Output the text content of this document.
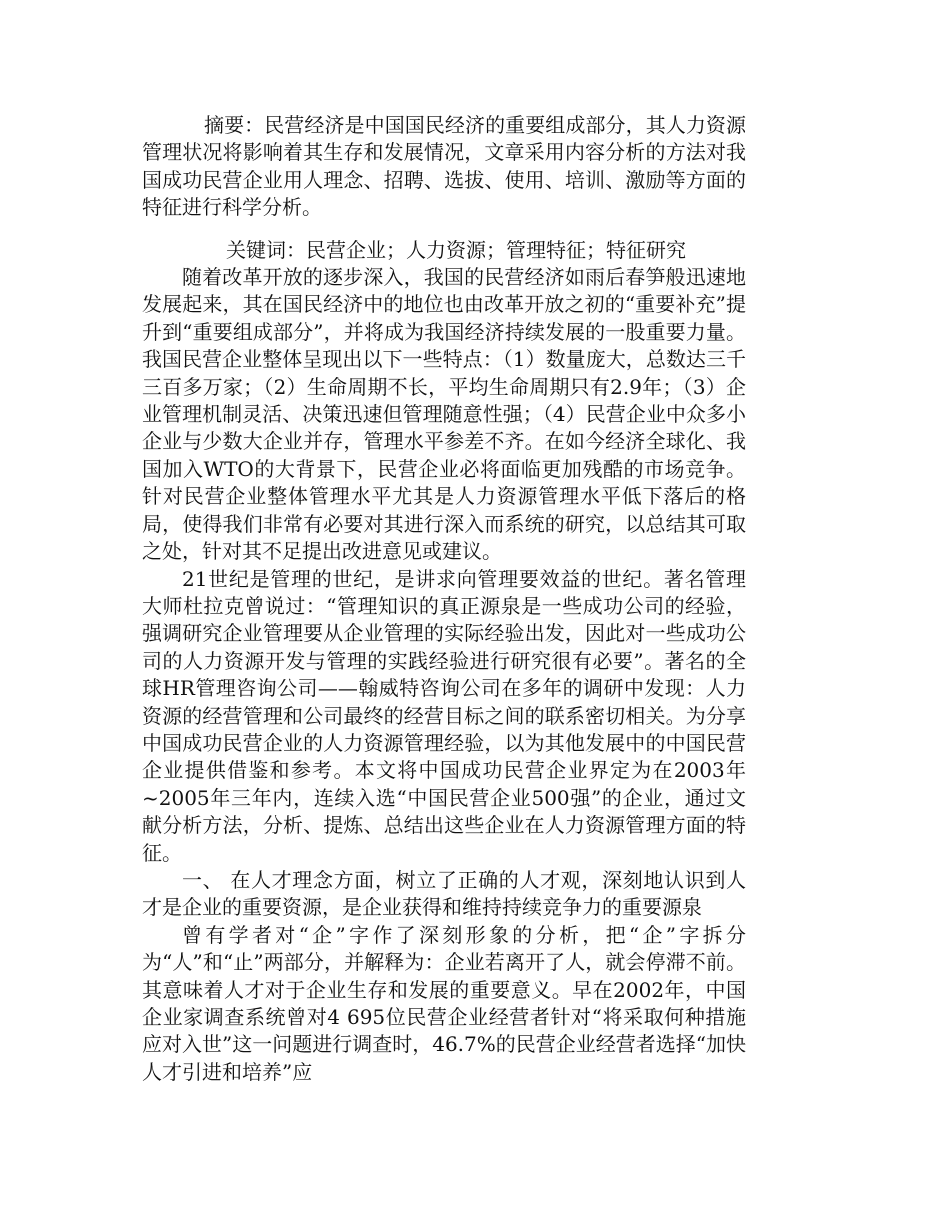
摘要：民营经济是中国国民经济的重要组成部分，其人力资源管理状况将影响着其生存和发展情况，文章采用内容分析的方法对我国成功民营企业用人理念、招聘、选拔、使用、培训、激励等方面的特征进行科学分析。

关键词：民营企业；人力资源；管理特征；特征研究

随着改革开放的逐步深入，我国的民营经济如雨后春笋般迅速地发展起来，其在国民经济中的地位也由改革开放之初的“重要补充”提升到“重要组成部分”，并将成为我国经济持续发展的一股重要力量。我国民营企业整体呈现出以下一些特点：（1）数量庞大，总数达三千三百多万家；（2）生命周期不长，平均生命周期只有2.9年；（3）企业管理机制灵活、决策迅速但管理随意性强；（4）民营企业中众多小企业与少数大企业并存，管理水平参差不齐。在如今经济全球化、我国加入WTO的大背景下，民营企业必将面临更加残酷的市场竞争。针对民营企业整体管理水平尤其是人力资源管理水平低下落后的格局，使得我们非常有必要对其进行深入而系统的研究，以总结其可取之处，针对其不足提出改进意见或建议。

21世纪是管理的世纪，是讲求向管理要效益的世纪。著名管理大师杜拉克曾说过：“管理知识的真正源泉是一些成功公司的经验，强调研究企业管理要从企业管理的实际经验出发，因此对一些成功公司的人力资源开发与管理的实践经验进行研究很有必要”。著名的全球HR管理咨询公司——翰威特咨询公司在多年的调研中发现：人力资源的经营管理和公司最终的经营目标之间的联系密切相关。为分享中国成功民营企业的人力资源管理经验，以为其他发展中的中国民营企业提供借鉴和参考。本文将中国成功民营企业界定为在2003年~2005年三年内，连续入选“中国民营企业500强”的企业，通过文献分析方法，分析、提炼、总结出这些企业在人力资源管理方面的特征。

一、 在人才理念方面，树立了正确的人才观，深刻地认识到人才是企业的重要资源，是企业获得和维持持续竞争力的重要源泉

曾有学者对“企”字作了深刻形象的分析，把“企”字拆分为“人”和“止”两部分，并解释为：企业若离开了人，就会停滞不前。其意味着人才对于企业生存和发展的重要意义。早在2002年，中国企业家调查系统曾对4 695位民营企业经营者针对“将采取何种措施应对入世”这一问题进行调查时，46.7%的民营企业经营者选择“加快人才引进和培养”应
